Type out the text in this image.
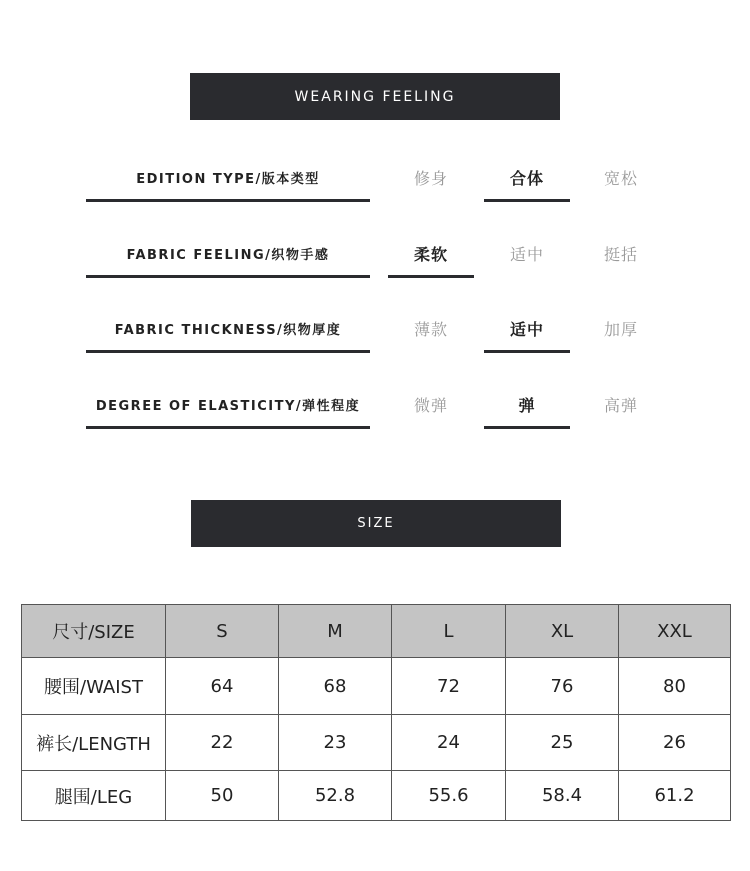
WEARING FEELING
EDITION TYPE/版本类型	修身	合体	宽松
FABRIC FEELING/织物手感	柔软	适中	挺括
FABRIC THICKNESS/织物厚度	薄款	适中	加厚
DEGREE OF ELASTICITY/弹性程度	微弹	弹	高弹
SIZE
尺寸/SIZE	S	M	L	XL	XXL
腰围/WAIST	64	68	72	76	80
裤长/LENGTH	22	23	24	25	26
腿围/LEG	50	52.8	55.6	58.4	61.2
